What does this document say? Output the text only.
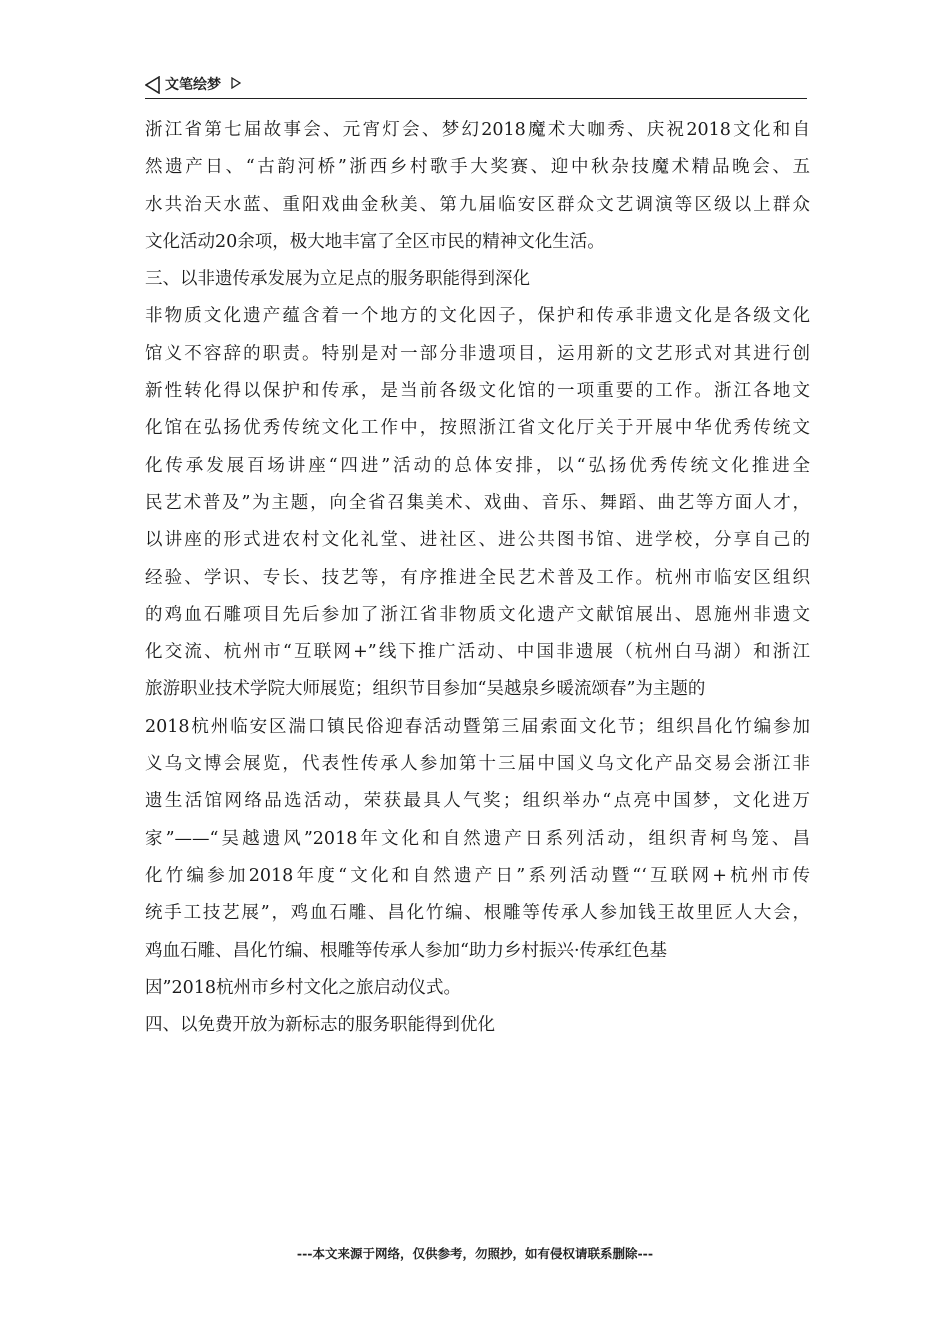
文笔绘梦
浙江省第七届故事会、元宵灯会、梦幻2018魔术大咖秀、庆祝2018文化和自
然遗产日、“古韵河桥”浙西乡村歌手大奖赛、迎中秋杂技魔术精品晚会、五
水共治天水蓝、重阳戏曲金秋美、第九届临安区群众文艺调演等区级以上群众
文化活动20余项，极大地丰富了全区市民的精神文化生活。
三、以非遗传承发展为立足点的服务职能得到深化
非物质文化遗产蕴含着一个地方的文化因子，保护和传承非遗文化是各级文化
馆义不容辞的职责。特别是对一部分非遗项目，运用新的文艺形式对其进行创
新性转化得以保护和传承，是当前各级文化馆的一项重要的工作。浙江各地文
化馆在弘扬优秀传统文化工作中，按照浙江省文化厅关于开展中华优秀传统文
化传承发展百场讲座“四进”活动的总体安排，以“弘扬优秀传统文化推进全
民艺术普及”为主题，向全省召集美术、戏曲、音乐、舞蹈、曲艺等方面人才，
以讲座的形式进农村文化礼堂、进社区、进公共图书馆、进学校，分享自己的
经验、学识、专长、技艺等，有序推进全民艺术普及工作。杭州市临安区组织
的鸡血石雕项目先后参加了浙江省非物质文化遗产文献馆展出、恩施州非遗文
化交流、杭州市“互联网+”线下推广活动、中国非遗展（杭州白马湖）和浙江
旅游职业技术学院大师展览；组织节目参加“吴越泉乡暖流颂春”为主题的
2018杭州临安区湍口镇民俗迎春活动暨第三届索面文化节；组织昌化竹编参加
义乌文博会展览，代表性传承人参加第十三届中国义乌文化产品交易会浙江非
遗生活馆网络品选活动，荣获最具人气奖；组织举办“点亮中国梦，文化进万
家”——“吴越遗风”2018年文化和自然遗产日系列活动，组织青柯鸟笼、昌
化竹编参加2018年度“文化和自然遗产日”系列活动暨“‘互联网+杭州市传
统手工技艺展”，鸡血石雕、昌化竹编、根雕等传承人参加钱王故里匠人大会，
鸡血石雕、昌化竹编、根雕等传承人参加“助力乡村振兴·传承红色基
因”2018杭州市乡村文化之旅启动仪式。
四、以免费开放为新标志的服务职能得到优化
---本文来源于网络，仅供参考，勿照抄，如有侵权请联系删除---
